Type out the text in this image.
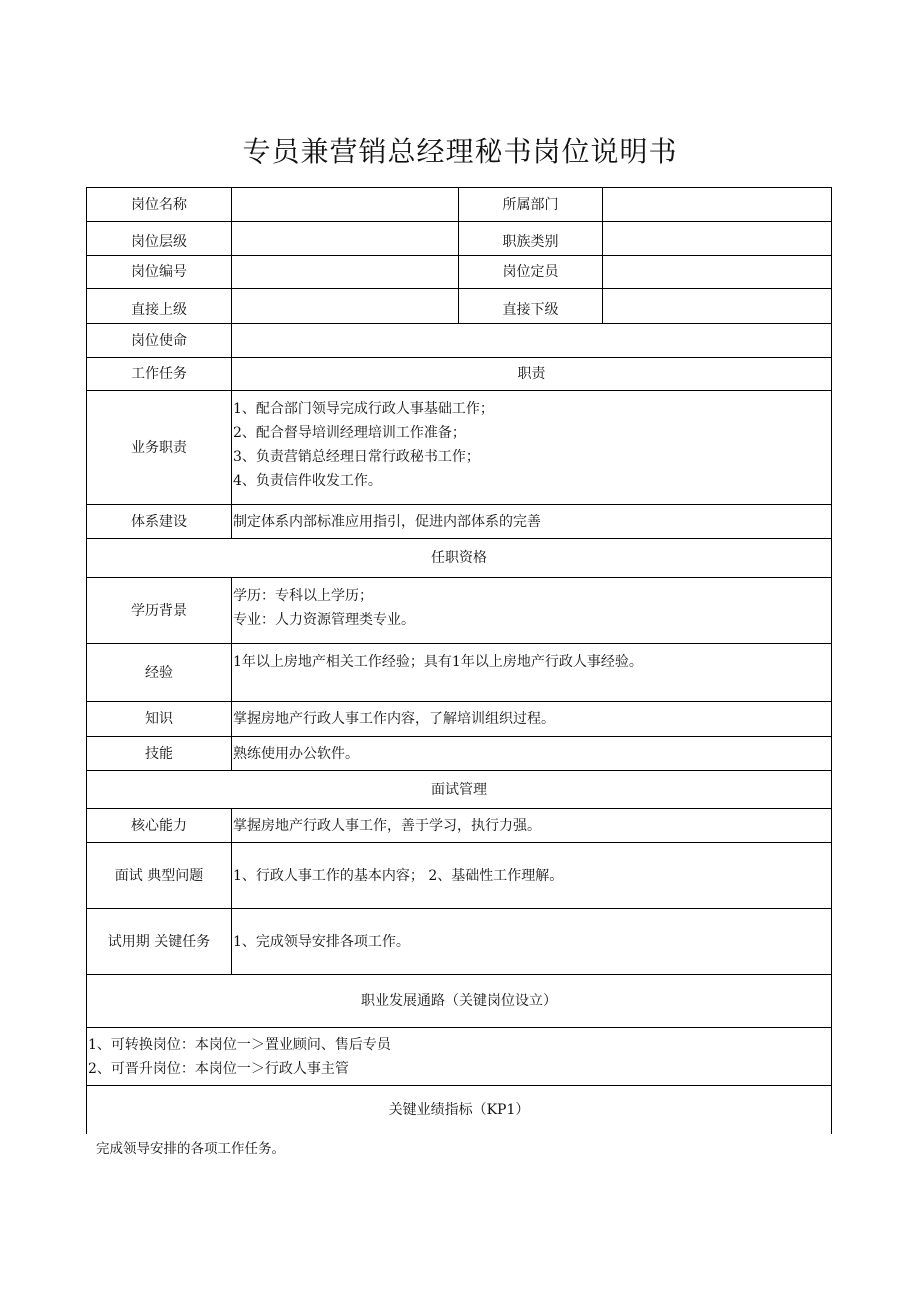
专员兼营销总经理秘书岗位说明书
岗位名称		所属部门	
岗位层级		职族类别	
岗位编号		岗位定员	
直接上级		直接下级	
岗位使命			
工作任务	职责		
业务职责	1、配合部门领导完成行政人事基础工作；
2、配合督导培训经理培训工作准备；
3、负责营销总经理日常行政秘书工作；
4、负责信件收发工作。		

体系建设	制定体系内部标准应用指引，促进内部体系的完善		
任职资格			
学历背景	学历：专科以上学历；
专业：人力资源管理类专业。		

经验	1年以上房地产相关工作经验；具有1年以上房地产行政人事经验。		
知识	掌握房地产行政人事工作内容，了解培训组织过程。		
技能	熟练使用办公软件。		
面试管理			
核心能力	掌握房地产行政人事工作，善于学习，执行力强。		
面试 典型问题	1、行政人事工作的基本内容； 2、基础性工作理解。		
试用期 关键任务	1、完成领导安排各项工作。		
职业发展通路（关键岗位设立）			

1、可转换岗位：本岗位一＞置业顾问、售后专员
2、可晋升岗位：本岗位一＞行政人事主管			

关键业绩指标（KP1）			
完成领导安排的各项工作任务。
